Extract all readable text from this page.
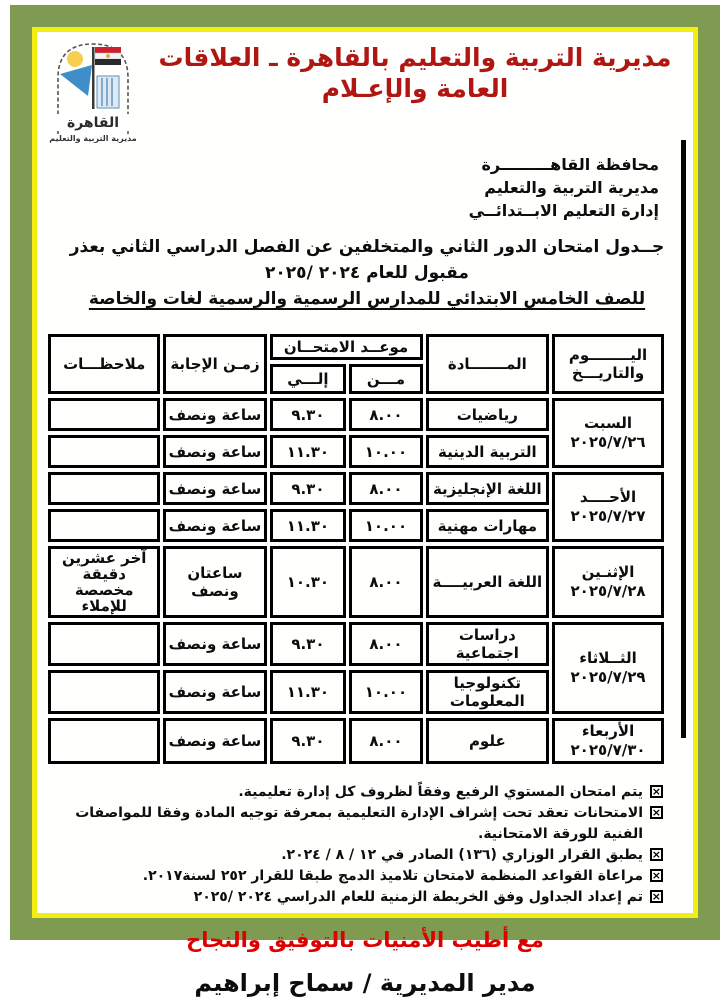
مديرية التربية والتعليم بالقاهرة ـ العلاقات العامة والإعـلام
القاهرة
مديرية التربية والتعليم
محافظة القاهـــــــــرة
مديرية التربية والتعليم
إدارة التعليم الابــتدائــي
جــدول امتحان الدور الثاني والمتخلفين عن الفصل الدراسي الثاني بعذر مقبول للعام ٢٠٢٤ /٢٠٢٥
للصف الخامس الابتدائي للمدارس الرسمية والرسمية لغات والخاصة
اليــــــــوم
والتاريـــخ	المـــــــادة	موعــد الامتحــان		زمـن الإجابة	ملاحظـــات
		مـــن	إلـــي		
السبت
٢٠٢٥/٧/٢٦	رياضيات	٨.٠٠	٩.٣٠	ساعة ونصف	
	التربية الدينية	١٠.٠٠	١١.٣٠	ساعة ونصف	
الأحــــد
٢٠٢٥/٧/٢٧	اللغة الإنجليزية	٨.٠٠	٩.٣٠	ساعة ونصف	
	مهارات مهنية	١٠.٠٠	١١.٣٠	ساعة ونصف	
الإثنـين
٢٠٢٥/٧/٢٨	اللغة العربيــــة	٨.٠٠	١٠.٣٠	ساعتان ونصف	آخر عشرين دقيقة مخصصة للإملاء
الثــلاثاء
٢٠٢٥/٧/٢٩	دراسات اجتماعية	٨.٠٠	٩.٣٠	ساعة ونصف	
	تكنولوجيا المعلومات	١٠.٠٠	١١.٣٠	ساعة ونصف	
الأربعاء
٢٠٢٥/٧/٣٠	علوم	٨.٠٠	٩.٣٠	ساعة ونصف	
×
يتم امتحان المستوي الرفيع وفقاً لظروف كل إدارة تعليمية.
×
الامتحانات تعقد تحت إشراف الإدارة التعليمية بمعرفة توجيه المادة وفقا للمواصفات الفنية للورقة الامتحانية.
×
يطبق القرار الوزاري (١٣٦) الصادر في ١٢ / ٨ / ٢٠٢٤.
×
مراعاة القواعد المنظمة لامتحان تلاميذ الدمج طبقا للقرار ٢٥٢ لسنة٢٠١٧.
×
تم إعداد الجداول وفق الخريطة الزمنية للعام الدراسي ٢٠٢٤ /٢٠٢٥
مع أطيب الأمنيات بالتوفيق والنجاح
مدير المديرية / سماح إبراهيم
